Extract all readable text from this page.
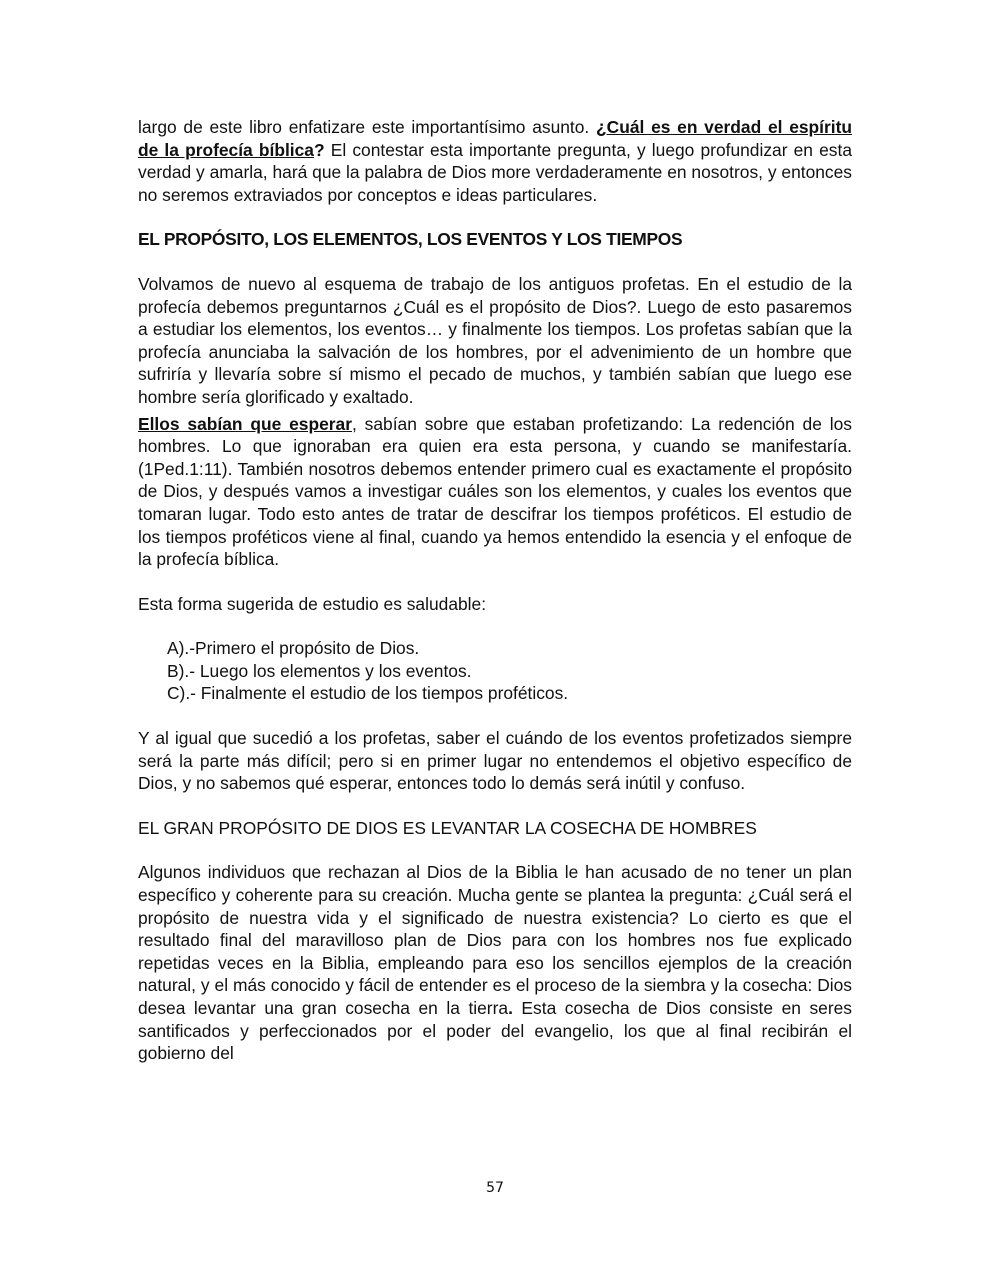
largo de este libro enfatizare este importantísimo asunto. ¿Cuál es en verdad el espíritu de la profecía bíblica? El contestar esta importante pregunta, y luego profundizar en esta verdad y amarla, hará que la palabra de Dios more verdaderamente en nosotros, y entonces no seremos extraviados por conceptos e ideas particulares.

EL PROPÓSITO, LOS ELEMENTOS, LOS EVENTOS Y LOS TIEMPOS

Volvamos de nuevo al esquema de trabajo de los antiguos profetas. En el estudio de la profecía debemos preguntarnos ¿Cuál es el propósito de Dios?. Luego de esto pasaremos a estudiar los elementos, los eventos… y finalmente los tiempos. Los profetas sabían que la profecía anunciaba la salvación de los hombres, por el advenimiento de un hombre que sufriría y llevaría sobre sí mismo el pecado de muchos, y también sabían que luego ese hombre sería glorificado y exaltado.

Ellos sabían que esperar, sabían sobre que estaban profetizando: La redención de los hombres. Lo que ignoraban era quien era esta persona, y cuando se manifestaría. (1Ped.1:11). También nosotros debemos entender primero cual es exactamente el propósito de Dios, y después vamos a investigar cuáles son los elementos, y cuales los eventos que tomaran lugar. Todo esto antes de tratar de descifrar los tiempos proféticos. El estudio de los tiempos proféticos viene al final, cuando ya hemos entendido la esencia y el enfoque de la profecía bíblica.

Esta forma sugerida de estudio es saludable:

A).-Primero el propósito de Dios.
B).- Luego los elementos y los eventos.
C).- Finalmente el estudio de los tiempos proféticos.

Y al igual que sucedió a los profetas, saber el cuándo de los eventos profetizados siempre será la parte más difícil; pero si en primer lugar no entendemos el objetivo específico de Dios, y no sabemos qué esperar, entonces todo lo demás será inútil y confuso.

EL GRAN PROPÓSITO DE DIOS ES LEVANTAR LA COSECHA DE HOMBRES

Algunos individuos que rechazan al Dios de la Biblia le han acusado de no tener un plan específico y coherente para su creación. Mucha gente se plantea la pregunta: ¿Cuál será el propósito de nuestra vida y el significado de nuestra existencia? Lo cierto es que el resultado final del maravilloso plan de Dios para con los hombres nos fue explicado repetidas veces en la Biblia, empleando para eso los sencillos ejemplos de la creación natural, y el más conocido y fácil de entender es el proceso de la siembra y la cosecha: Dios desea levantar una gran cosecha en la tierra. Esta cosecha de Dios consiste en seres santificados y perfeccionados por el poder del evangelio, los que al final recibirán el gobierno del

57
